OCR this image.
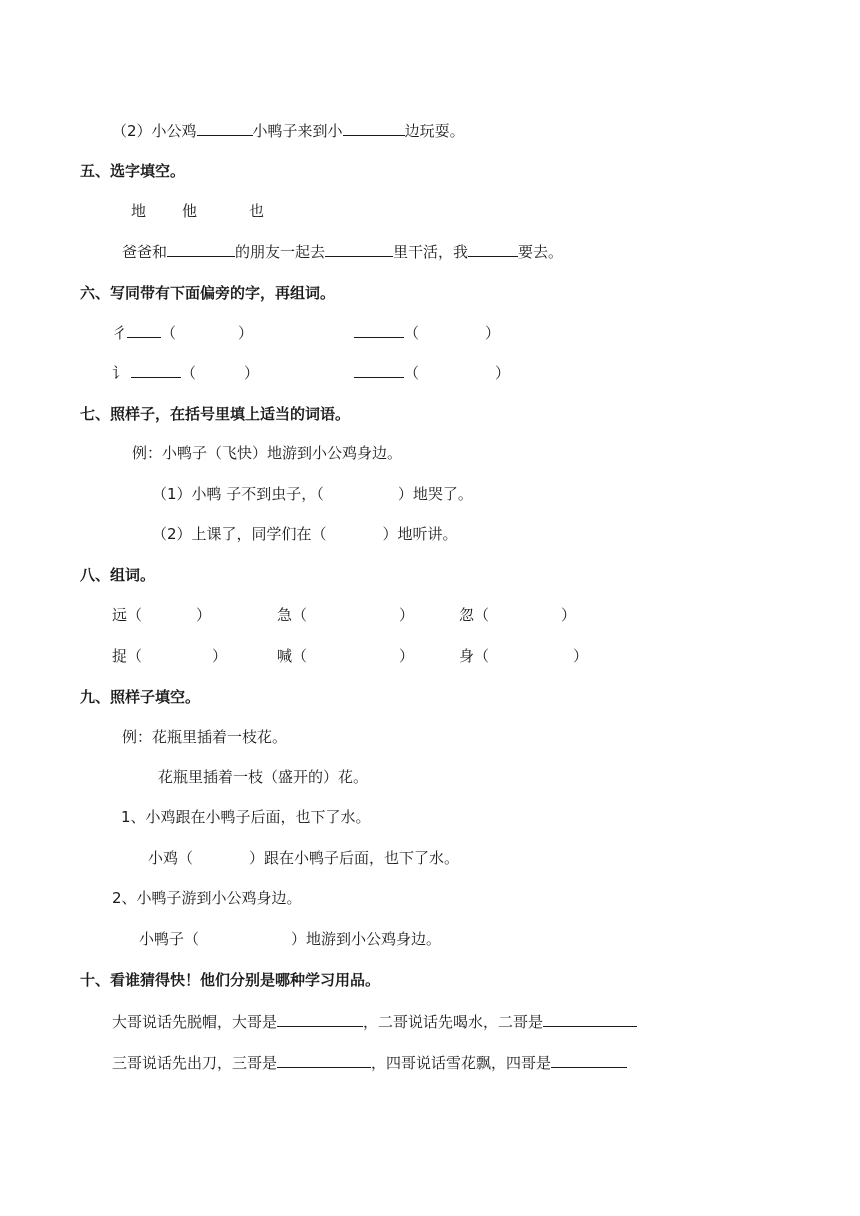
（2）小公鸡	小鸭子来到小	边玩耍。
五、选字填空。
地 他	也
爸爸和	的朋友一起去	里干活，我	要去。
六、写同带有下面偏旁的字，再组词。
彳 （	）	（	）
讠	（	）	（	）
七、照样子，在括号里填上适当的词语。
例：小鸭子（飞快）地游到小公鸡身边。
（1）小鸭 子不到虫子，（	）地哭了。
（2）上课了，同学们在（	）地听讲。
八、组词。
远（	）	急（	）	忽（	）
捉（	）	喊（	）	身（	）
九、照样子填空。
例：花瓶里插着一枝花。
花瓶里插着一枝（盛开的）花。
1、小鸡跟在小鸭子后面，也下了水。
小鸡（	）跟在小鸭子后面，也下了水。
2、小鸭子游到小公鸡身边。
小鸭子（	）地游到小公鸡身边。
十、看谁猜得快！他们分别是哪种学习用品。
大哥说话先脱帽，大哥是	，二哥说话先喝水，二哥是
三哥说话先出刀，三哥是	，四哥说话雪花飘，四哥是
